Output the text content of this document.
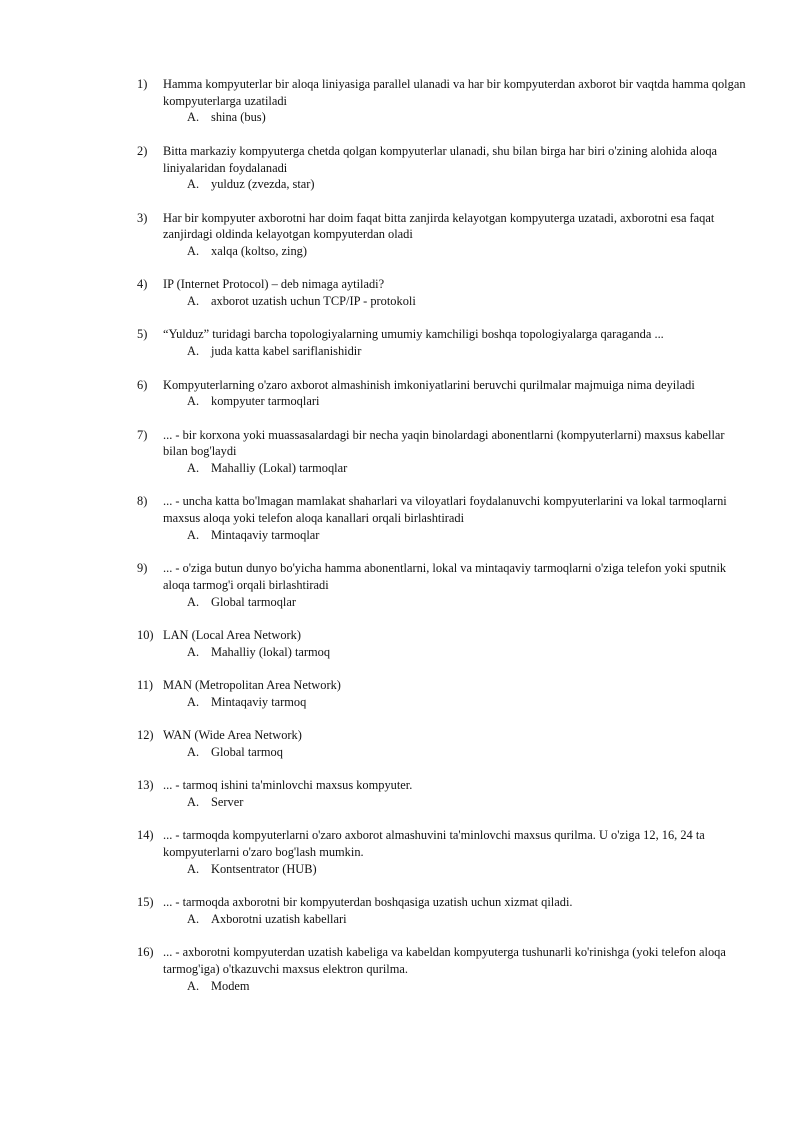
1)	Hamma kompyuterlar bir aloqa liniyasiga parallel ulanadi va har bir kompyuterdan axborot bir vaqtda hamma qolgan kompyuterlarga uzatiladi
A. shina (bus)
2)	Bitta markaziy kompyuterga chetda qolgan kompyuterlar ulanadi, shu bilan birga har biri o'zining alohida aloqa liniyalaridan foydalanadi
A. yulduz (zvezda, star)
3)	Har bir kompyuter axborotni har doim faqat bitta zanjirda kelayotgan kompyuterga uzatadi, axborotni esa faqat zanjirdagi oldinda kelayotgan kompyuterdan oladi
A. xalqa (koltso, zing)
4)	IP (Internet Protocol) – deb nimaga aytiladi?
A. axborot uzatish uchun TCP/IP - protokoli
5)	“Yulduz” turidagi barcha topologiyalarning umumiy kamchiligi boshqa topologiyalarga qaraganda ...
A. juda katta kabel sariflanishidir
6)	Kompyuterlarning o'zaro axborot almashinish imkoniyatlarini beruvchi qurilmalar majmuiga nima deyiladi
A. kompyuter tarmoqlari
7)	... - bir korxona yoki muassasalardagi bir necha yaqin binolardagi abonentlarni (kompyuterlarni) maxsus kabellar bilan bog'laydi
A. Mahalliy (Lokal) tarmoqlar
8)	... - uncha katta bo'lmagan mamlakat shaharlari va viloyatlari foydalanuvchi kompyuterlarini va lokal tarmoqlarni maxsus aloqa yoki telefon aloqa kanallari orqali birlashtiradi
A. Mintaqaviy tarmoqlar
9)	... - o'ziga butun dunyo bo'yicha hamma abonentlarni, lokal va mintaqaviy tarmoqlarni o'ziga telefon yoki sputnik aloqa tarmog'i orqali birlashtiradi
A. Global tarmoqlar
10) LAN (Local Area Network)
A. Mahalliy (lokal) tarmoq
11) MAN (Metropolitan Area Network)
A. Mintaqaviy tarmoq
12) WAN (Wide Area Network)
A. Global tarmoq
13) ... - tarmoq ishini ta'minlovchi maxsus kompyuter.
A. Server
14) ... - tarmoqda kompyuterlarni o'zaro axborot almashuvini ta'minlovchi maxsus qurilma. U o'ziga 12, 16, 24 ta kompyuterlarni o'zaro bog'lash mumkin.
A. Kontsentrator (HUB)
15) ... - tarmoqda axborotni bir kompyuterdan boshqasiga uzatish uchun xizmat qiladi.
A. Axborotni uzatish kabellari
16) ... - axborotni kompyuterdan uzatish kabeliga va kabeldan kompyuterga tushunarli ko'rinishga (yoki telefon aloqa tarmog'iga) o'tkazuvchi maxsus elektron qurilma.
A. Modem
